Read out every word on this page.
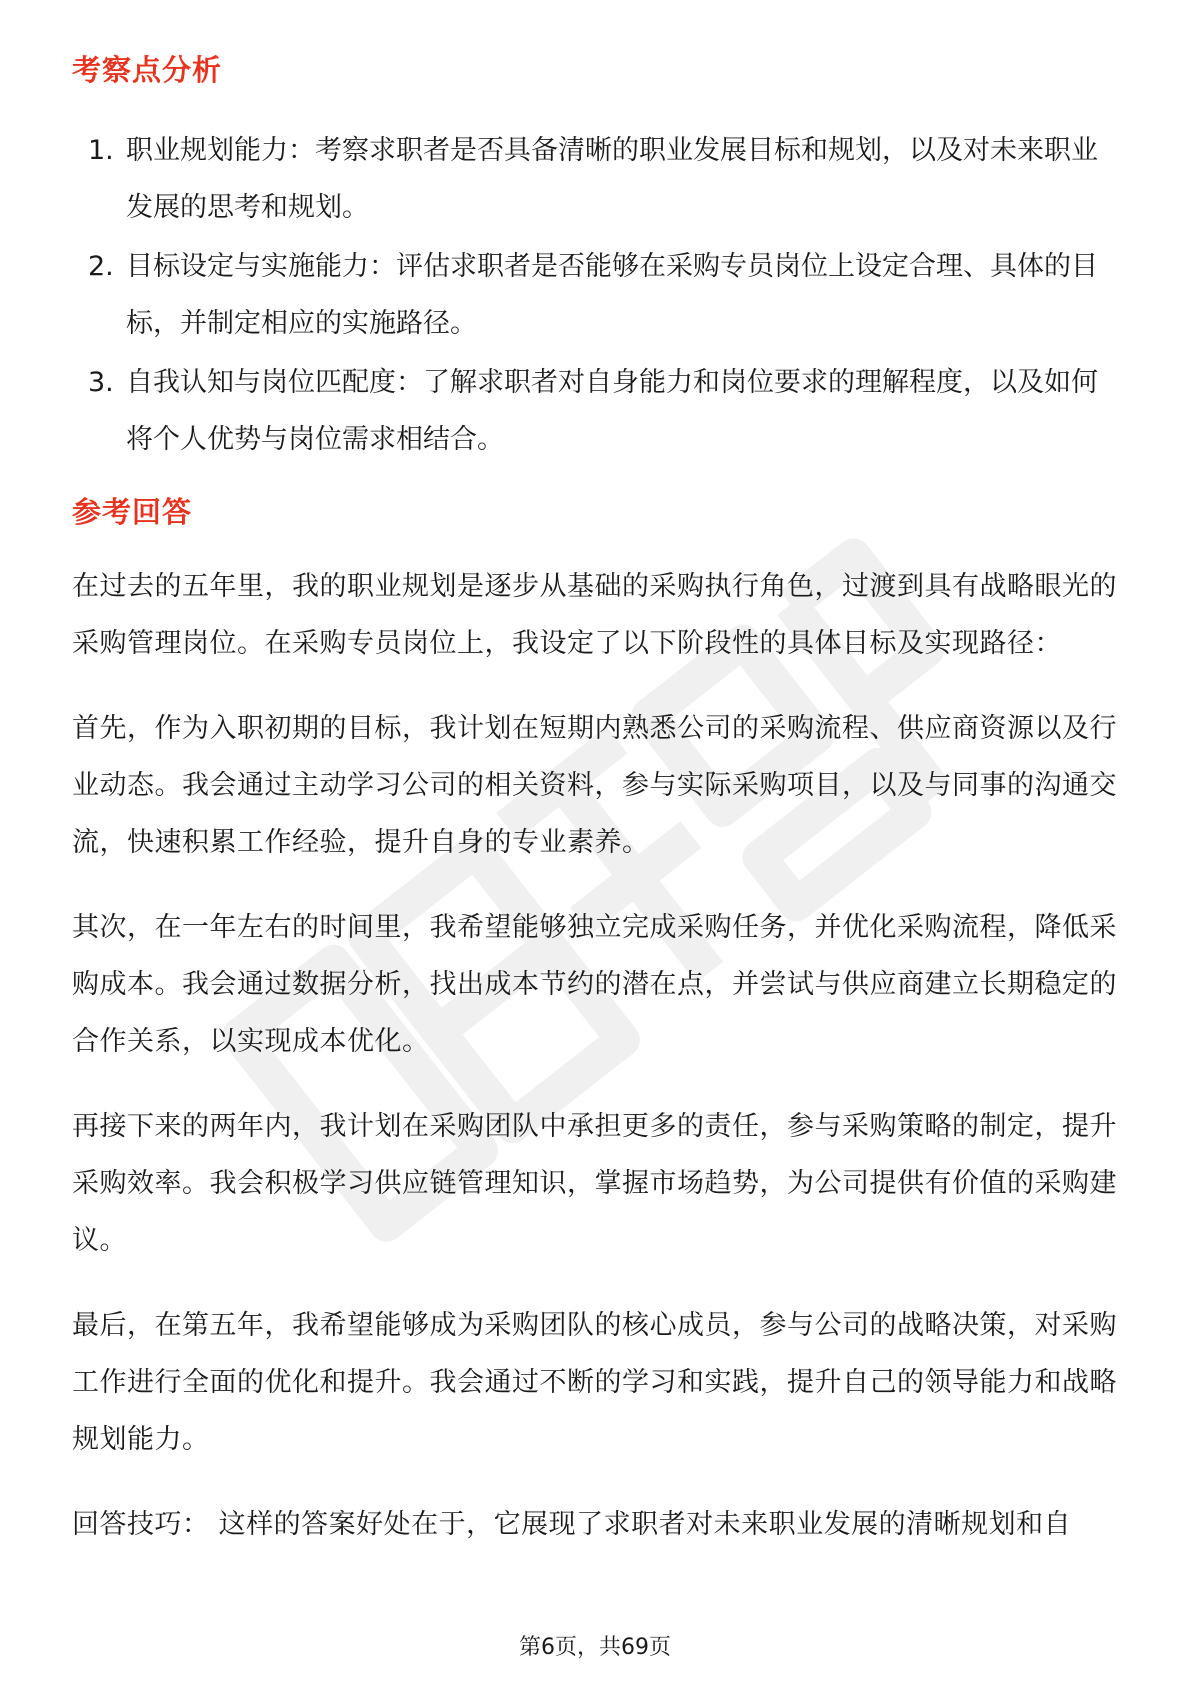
考察点分析
1. 职业规划能力：考察求职者是否具备清晰的职业发展目标和规划，以及对未来职业发展的思考和规划。
2. 目标设定与实施能力：评估求职者是否能够在采购专员岗位上设定合理、具体的目标，并制定相应的实施路径。
3. 自我认知与岗位匹配度：了解求职者对自身能力和岗位要求的理解程度，以及如何将个人优势与岗位需求相结合。
参考回答

在过去的五年里，我的职业规划是逐步从基础的采购执行角色，过渡到具有战略眼光的采购管理岗位。在采购专员岗位上，我设定了以下阶段性的具体目标及实现路径：

首先，作为入职初期的目标，我计划在短期内熟悉公司的采购流程、供应商资源以及行业动态。我会通过主动学习公司的相关资料，参与实际采购项目，以及与同事的沟通交流，快速积累工作经验，提升自身的专业素养。

其次，在一年左右的时间里，我希望能够独立完成采购任务，并优化采购流程，降低采购成本。我会通过数据分析，找出成本节约的潜在点，并尝试与供应商建立长期稳定的合作关系，以实现成本优化。

再接下来的两年内，我计划在采购团队中承担更多的责任，参与采购策略的制定，提升采购效率。我会积极学习供应链管理知识，掌握市场趋势，为公司提供有价值的采购建议。

最后，在第五年，我希望能够成为采购团队的核心成员，参与公司的战略决策，对采购工作进行全面的优化和提升。我会通过不断的学习和实践，提升自己的领导能力和战略规划能力。

回答技巧： 这样的答案好处在于，它展现了求职者对未来职业发展的清晰规划和自

第6页，共69页
